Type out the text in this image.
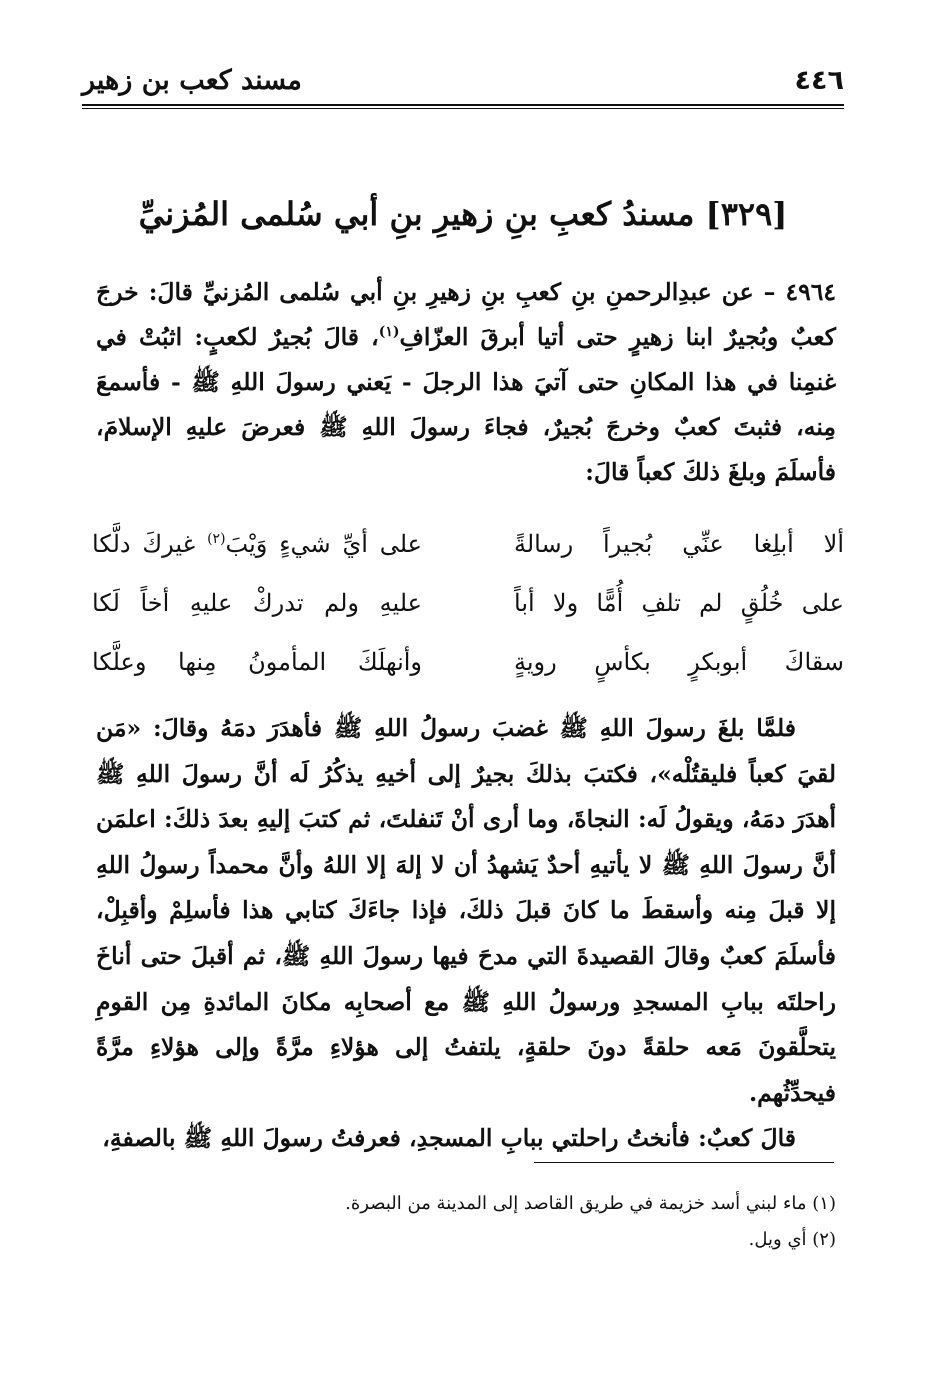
٤٤٦
مسند كعب بن زهير
[٣٢٩] مسندُ كعبِ بنِ زهيرِ بنِ أبي سُلمى المُزنيِّ

٤٩٦٤ – عن عبدِالرحمنِ بنِ كعبِ بنِ زهيرِ بنِ أبي سُلمى المُزنيِّ قالَ: خرجَ كعبٌ وبُجيرٌ ابنا زهيرٍ حتى أتيا أبرقَ العزّافِ$^{(١)}$، قالَ بُجيرٌ لكعبٍ: اثبُتْ في غنمِنا في هذا المكانِ حتى آتيَ هذا الرجلَ - يَعني رسولَ اللهِ ﷺ - فأسمعَ مِنه، فثبتَ كعبٌ وخرجَ بُجيرٌ، فجاءَ رسولَ اللهِ ﷺ فعرضَ عليهِ الإسلامَ، فأسلَمَ وبلغَ ذلكَ كعباً قالَ:

ألا أبلِغا عنِّي بُجيراً رسالةً
على أيِّ شيءٍ وَيْبَ$^{(٢)}$ غيركَ دلَّكا
على خُلُقٍ لم تلفِ أُمًّا ولا أباً
عليهِ ولم تدركْ عليهِ أخاً لَكا
سقاكَ أبوبكرٍ بكأسٍ رويةٍ
وأنهلَكَ المأمونُ مِنها وعلَّكا

فلمَّا بلغَ رسولَ اللهِ ﷺ غضبَ رسولُ اللهِ ﷺ فأهدَرَ دمَهُ وقالَ: «مَن لقيَ كعباً فليقتُلْه»، فكتبَ بذلكَ بجيرٌ إلى أخيهِ يذكُرُ لَه أنَّ رسولَ اللهِ ﷺ أهدَرَ دمَهُ، ويقولُ لَه: النجاةَ، وما أرى أنْ تَنفلتَ، ثم كتبَ إليهِ بعدَ ذلكَ: اعلمَن أنَّ رسولَ اللهِ ﷺ لا يأتيهِ أحدٌ يَشهدُ أن لا إلهَ إلا اللهُ وأنَّ محمداً رسولُ اللهِ إلا قبلَ مِنه وأسقطَ ما كانَ قبلَ ذلكَ، فإذا جاءَكَ كتابي هذا فأسلِمْ وأقبِلْ، فأسلَمَ كعبٌ وقالَ القصيدةَ التي مدحَ فيها رسولَ اللهِ ﷺ، ثم أقبلَ حتى أناخَ راحلتَه ببابِ المسجدِ ورسولُ اللهِ ﷺ مع أصحابِه مكانَ المائدةِ مِن القومِ يتحلَّقونَ مَعه حلقةً دونَ حلقةٍ، يلتفتُ إلى هؤلاءِ مرَّةً وإلى هؤلاءِ مرَّةً فيحدِّثُهم.

قالَ كعبٌ: فأنختُ راحلتي ببابِ المسجدِ، فعرفتُ رسولَ اللهِ ﷺ بالصفةِ،

(١) ماء لبني أسد خزيمة في طريق القاصد إلى المدينة من البصرة.

(٢) أي ويل.
